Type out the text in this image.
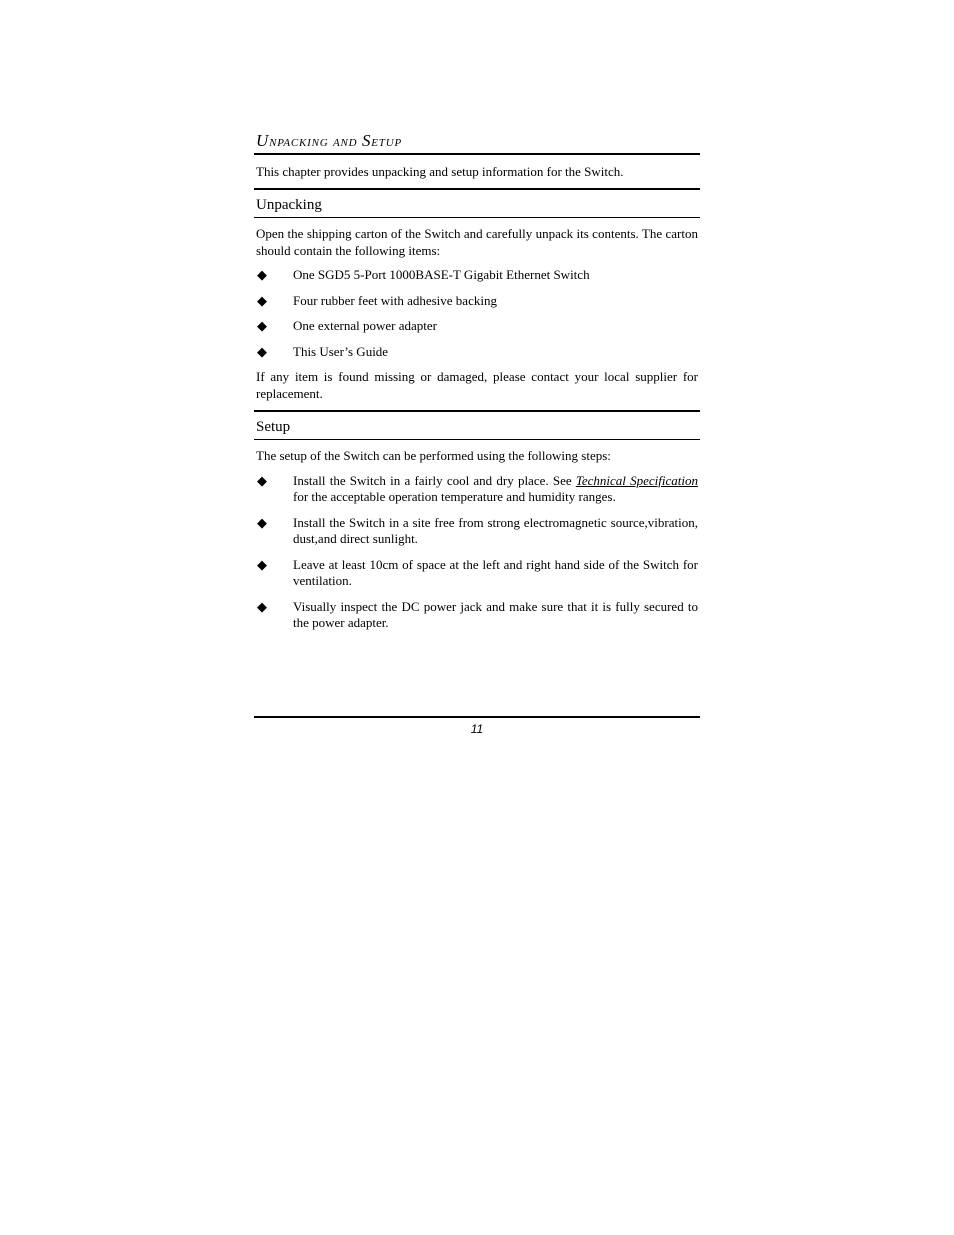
Unpacking and Setup

This chapter provides unpacking and setup information for the Switch.

Unpacking

Open the shipping carton of the Switch and carefully unpack its contents. The carton should contain the following items:

◆ One SGD5 5-Port 1000BASE-T Gigabit Ethernet Switch
◆ Four rubber feet with adhesive backing
◆ One external power adapter
◆ This User’s Guide

If any item is found missing or damaged, please contact your local supplier for replacement.

Setup

The setup of the Switch can be performed using the following steps:

◆ Install the Switch in a fairly cool and dry place. See Technical Specification for the acceptable operation temperature and humidity ranges.
◆ Install the Switch in a site free from strong electromagnetic source,vibration, dust,and direct sunlight.
◆ Leave at least 10cm of space at the left and right hand side of the Switch for ventilation.
◆ Visually inspect the DC power jack and make sure that it is fully secured to the power adapter.
11
